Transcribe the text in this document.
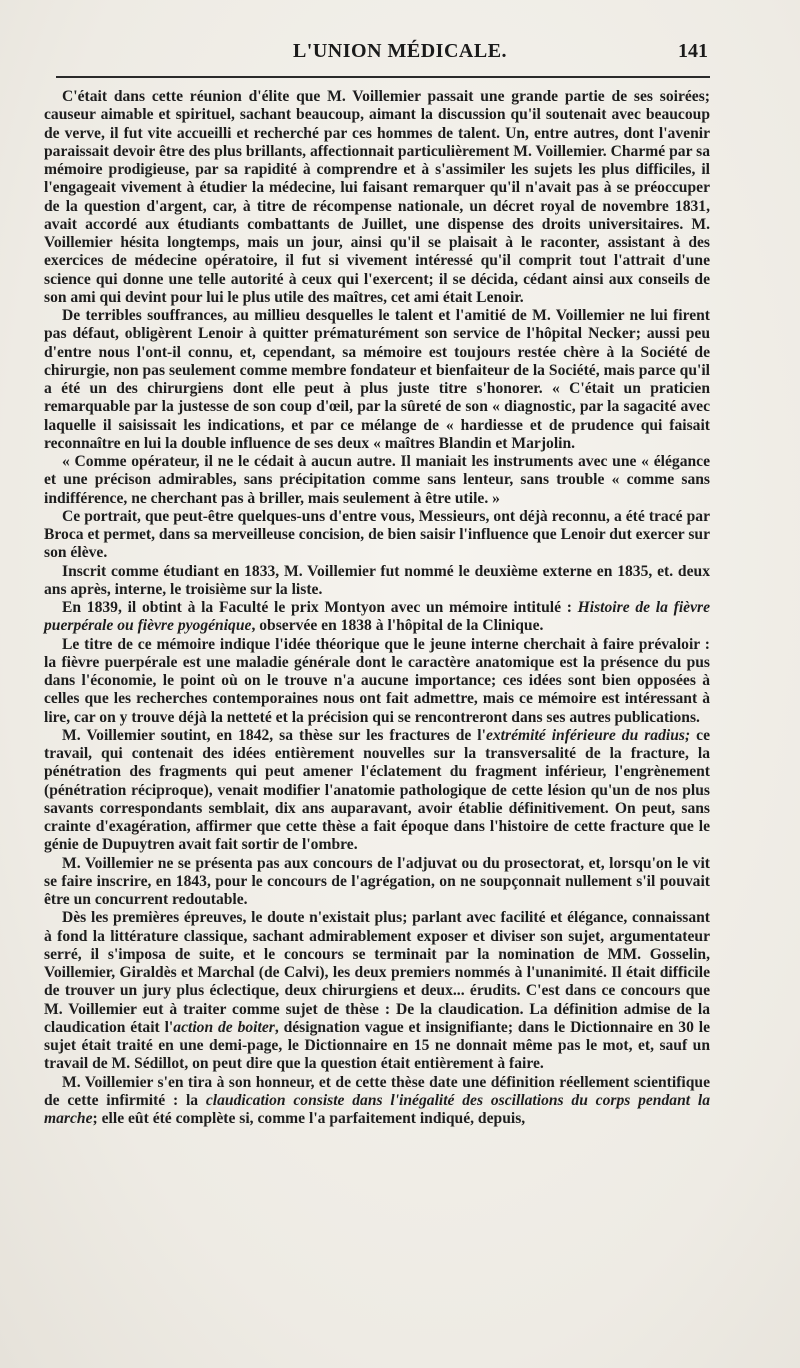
L'UNION MÉDICALE.	141

C'était dans cette réunion d'élite que M. Voillemier passait une grande partie de ses soirées; causeur aimable et spirituel, sachant beaucoup, aimant la discussion qu'il soutenait avec beaucoup de verve, il fut vite accueilli et recherché par ces hommes de talent. Un, entre autres, dont l'avenir paraissait devoir être des plus brillants, affectionnait particulièrement M. Voillemier. Charmé par sa mémoire prodigieuse, par sa rapidité à comprendre et à s'assimiler les sujets les plus difficiles, il l'engageait vivement à étudier la médecine, lui faisant remarquer qu'il n'avait pas à se préoccuper de la question d'argent, car, à titre de récompense nationale, un décret royal de novembre 1831, avait accordé aux étudiants combattants de Juillet, une dispense des droits universitaires. M. Voillemier hésita longtemps, mais un jour, ainsi qu'il se plaisait à le raconter, assistant à des exercices de médecine opératoire, il fut si vivement intéressé qu'il comprit tout l'attrait d'une science qui donne une telle autorité à ceux qui l'exercent; il se décida, cédant ainsi aux conseils de son ami qui devint pour lui le plus utile des maîtres, cet ami était Lenoir.

De terribles souffrances, au millieu desquelles le talent et l'amitié de M. Voillemier ne lui firent pas défaut, obligèrent Lenoir à quitter prématurément son service de l'hôpital Necker; aussi peu d'entre nous l'ont-il connu, et, cependant, sa mémoire est toujours restée chère à la Société de chirurgie, non pas seulement comme membre fondateur et bienfaiteur de la Société, mais parce qu'il a été un des chirurgiens dont elle peut à plus juste titre s'honorer. « C'était un praticien remarquable par la justesse de son coup d'œil, par la sûreté de son « diagnostic, par la sagacité avec laquelle il saisissait les indications, et par ce mélange de « hardiesse et de prudence qui faisait reconnaître en lui la double influence de ses deux « maîtres Blandin et Marjolin.

« Comme opérateur, il ne le cédait à aucun autre. Il maniait les instruments avec une « élégance et une précison admirables, sans précipitation comme sans lenteur, sans trouble « comme sans indifférence, ne cherchant pas à briller, mais seulement à être utile. »

Ce portrait, que peut-être quelques-uns d'entre vous, Messieurs, ont déjà reconnu, a été tracé par Broca et permet, dans sa merveilleuse concision, de bien saisir l'influence que Lenoir dut exercer sur son élève.

Inscrit comme étudiant en 1833, M. Voillemier fut nommé le deuxième externe en 1835, et. deux ans après, interne, le troisième sur la liste.

En 1839, il obtint à la Faculté le prix Montyon avec un mémoire intitulé : Histoire de la fièvre puerpérale ou fièvre pyogénique, observée en 1838 à l'hôpital de la Clinique.

Le titre de ce mémoire indique l'idée théorique que le jeune interne cherchait à faire prévaloir : la fièvre puerpérale est une maladie générale dont le caractère anatomique est la présence du pus dans l'économie, le point où on le trouve n'a aucune importance; ces idées sont bien opposées à celles que les recherches contemporaines nous ont fait admettre, mais ce mémoire est intéressant à lire, car on y trouve déjà la netteté et la précision qui se rencontreront dans ses autres publications.

M. Voillemier soutint, en 1842, sa thèse sur les fractures de l'extrémité inférieure du radius; ce travail, qui contenait des idées entièrement nouvelles sur la transversalité de la fracture, la pénétration des fragments qui peut amener l'éclatement du fragment inférieur, l'engrènement (pénétration réciproque), venait modifier l'anatomie pathologique de cette lésion qu'un de nos plus savants correspondants semblait, dix ans auparavant, avoir établie définitivement. On peut, sans crainte d'exagération, affirmer que cette thèse a fait époque dans l'histoire de cette fracture que le génie de Dupuytren avait fait sortir de l'ombre.

M. Voillemier ne se présenta pas aux concours de l'adjuvat ou du prosectorat, et, lorsqu'on le vit se faire inscrire, en 1843, pour le concours de l'agrégation, on ne soupçonnait nullement s'il pouvait être un concurrent redoutable.

Dès les premières épreuves, le doute n'existait plus; parlant avec facilité et élégance, connaissant à fond la littérature classique, sachant admirablement exposer et diviser son sujet, argumentateur serré, il s'imposa de suite, et le concours se terminait par la nomination de MM. Gosselin, Voillemier, Giraldès et Marchal (de Calvi), les deux premiers nommés à l'unanimité. Il était difficile de trouver un jury plus éclectique, deux chirurgiens et deux... érudits. C'est dans ce concours que M. Voillemier eut à traiter comme sujet de thèse : De la claudication. La définition admise de la claudication était l'action de boiter, désignation vague et insignifiante; dans le Dictionnaire en 30 le sujet était traité en une demi-page, le Dictionnaire en 15 ne donnait même pas le mot, et, sauf un travail de M. Sédillot, on peut dire que la question était entièrement à faire.

M. Voillemier s'en tira à son honneur, et de cette thèse date une définition réellement scientifique de cette infirmité : la claudication consiste dans l'inégalité des oscillations du corps pendant la marche; elle eût été complète si, comme l'a parfaitement indiqué, depuis,
